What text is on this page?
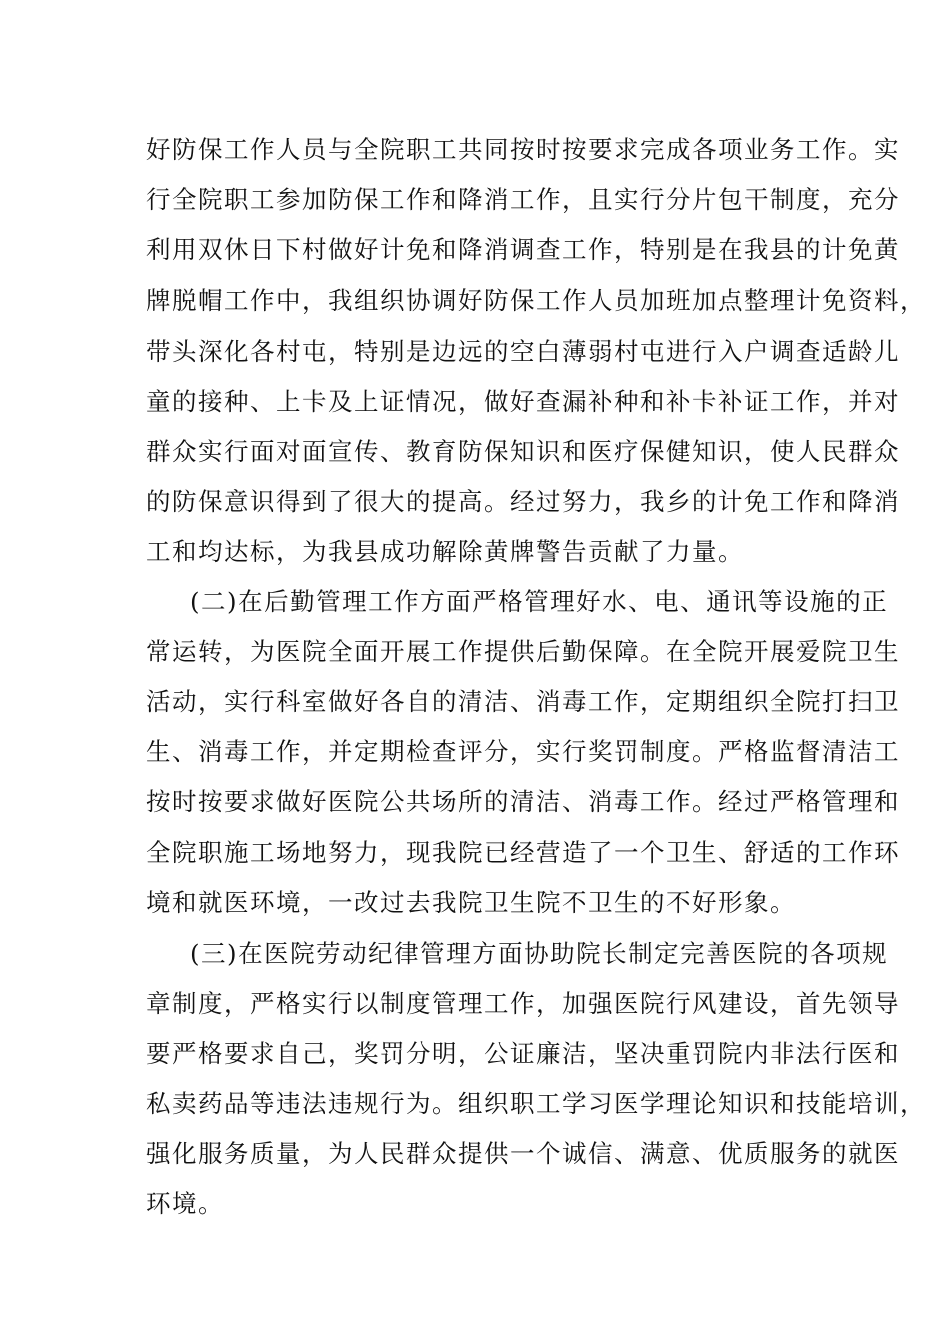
好防保工作人员与全院职工共同按时按要求完成各项业务工作。实
行全院职工参加防保工作和降消工作，且实行分片包干制度，充分
利用双休日下村做好计免和降消调查工作，特别是在我县的计免黄
牌脱帽工作中，我组织协调好防保工作人员加班加点整理计免资料，
带头深化各村屯，特别是边远的空白薄弱村屯进行入户调查适龄儿
童的接种、上卡及上证情况，做好查漏补种和补卡补证工作，并对
群众实行面对面宣传、教育防保知识和医疗保健知识，使人民群众
的防保意识得到了很大的提高。经过努力，我乡的计免工作和降消
工和均达标，为我县成功解除黄牌警告贡献了力量。
(二)在后勤管理工作方面严格管理好水、电、通讯等设施的正
常运转，为医院全面开展工作提供后勤保障。在全院开展爱院卫生
活动，实行科室做好各自的清洁、消毒工作，定期组织全院打扫卫
生、消毒工作，并定期检查评分，实行奖罚制度。严格监督清洁工
按时按要求做好医院公共场所的清洁、消毒工作。经过严格管理和
全院职施工场地努力，现我院已经营造了一个卫生、舒适的工作环
境和就医环境，一改过去我院卫生院不卫生的不好形象。
(三)在医院劳动纪律管理方面协助院长制定完善医院的各项规
章制度，严格实行以制度管理工作，加强医院行风建设，首先领导
要严格要求自己，奖罚分明，公证廉洁，坚决重罚院内非法行医和
私卖药品等违法违规行为。组织职工学习医学理论知识和技能培训，
强化服务质量，为人民群众提供一个诚信、满意、优质服务的就医
环境。
